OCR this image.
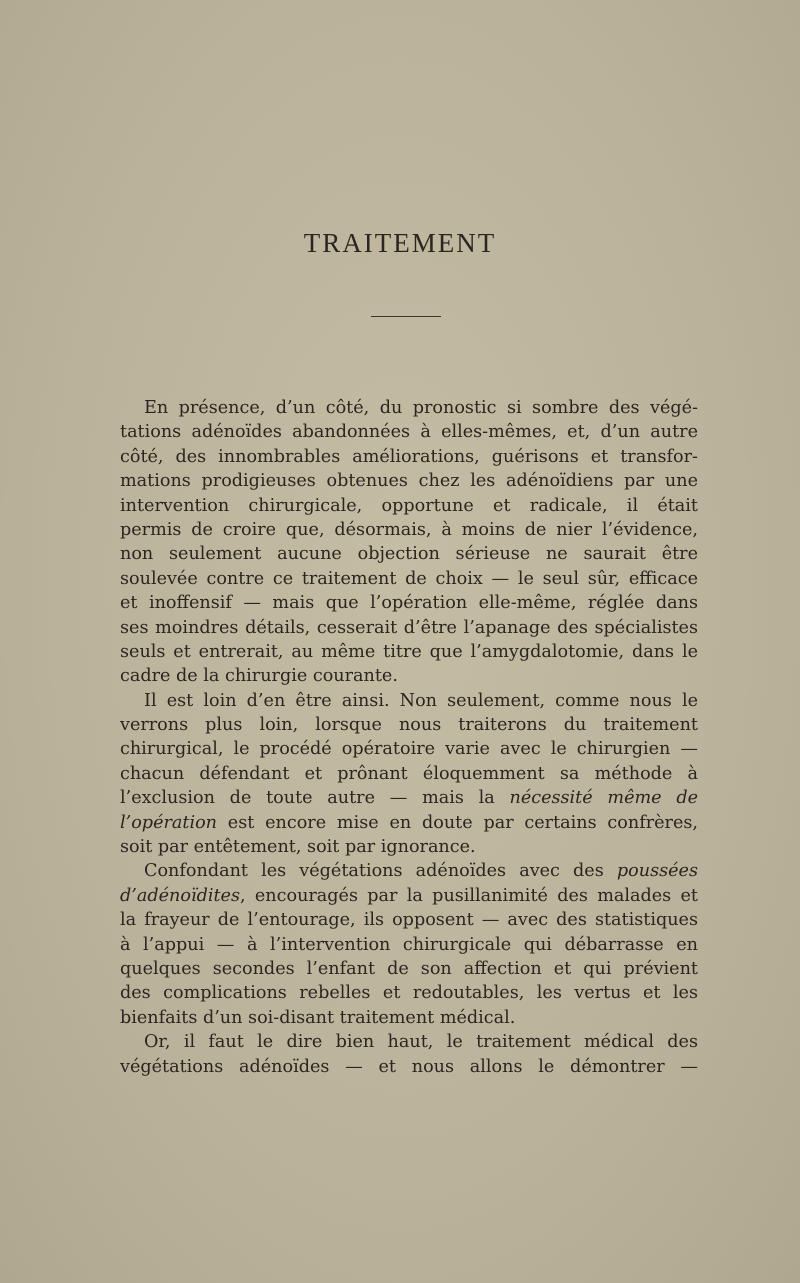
TRAITEMENT
En présence, d’un côté, du pronostic si sombre des végé-
tations adénoïdes abandonnées à elles-mêmes, et, d’un autre
côté, des innombrables améliorations, guérisons et transfor-
mations prodigieuses obtenues chez les adénoïdiens par une
intervention chirurgicale, opportune et radicale, il était
permis de croire que, désormais, à moins de nier l’évidence,
non seulement aucune objection sérieuse ne saurait être
soulevée contre ce traitement de choix — le seul sûr, efficace
et inoffensif — mais que l’opération elle-même, réglée dans
ses moindres détails, cesserait d’être l’apanage des spécialistes
seuls et entrerait, au même titre que l’amygdalotomie, dans le
cadre de la chirurgie courante.
Il est loin d’en être ainsi. Non seulement, comme nous le
verrons plus loin, lorsque nous traiterons du traitement
chirurgical, le procédé opératoire varie avec le chirurgien —
chacun défendant et prônant éloquemment sa méthode à
l’exclusion de toute autre — mais la nécessité même de
l’opération est encore mise en doute par certains confrères,
soit par entêtement, soit par ignorance.
Confondant les végétations adénoïdes avec des poussées
d’adénoïdites, encouragés par la pusillanimité des malades et
la frayeur de l’entourage, ils opposent — avec des statistiques
à l’appui — à l’intervention chirurgicale qui débarrasse en
quelques secondes l’enfant de son affection et qui prévient
des complications rebelles et redoutables, les vertus et les
bienfaits d’un soi-disant traitement médical.
Or, il faut le dire bien haut, le traitement médical des
végétations adénoïdes — et nous allons le démontrer —
